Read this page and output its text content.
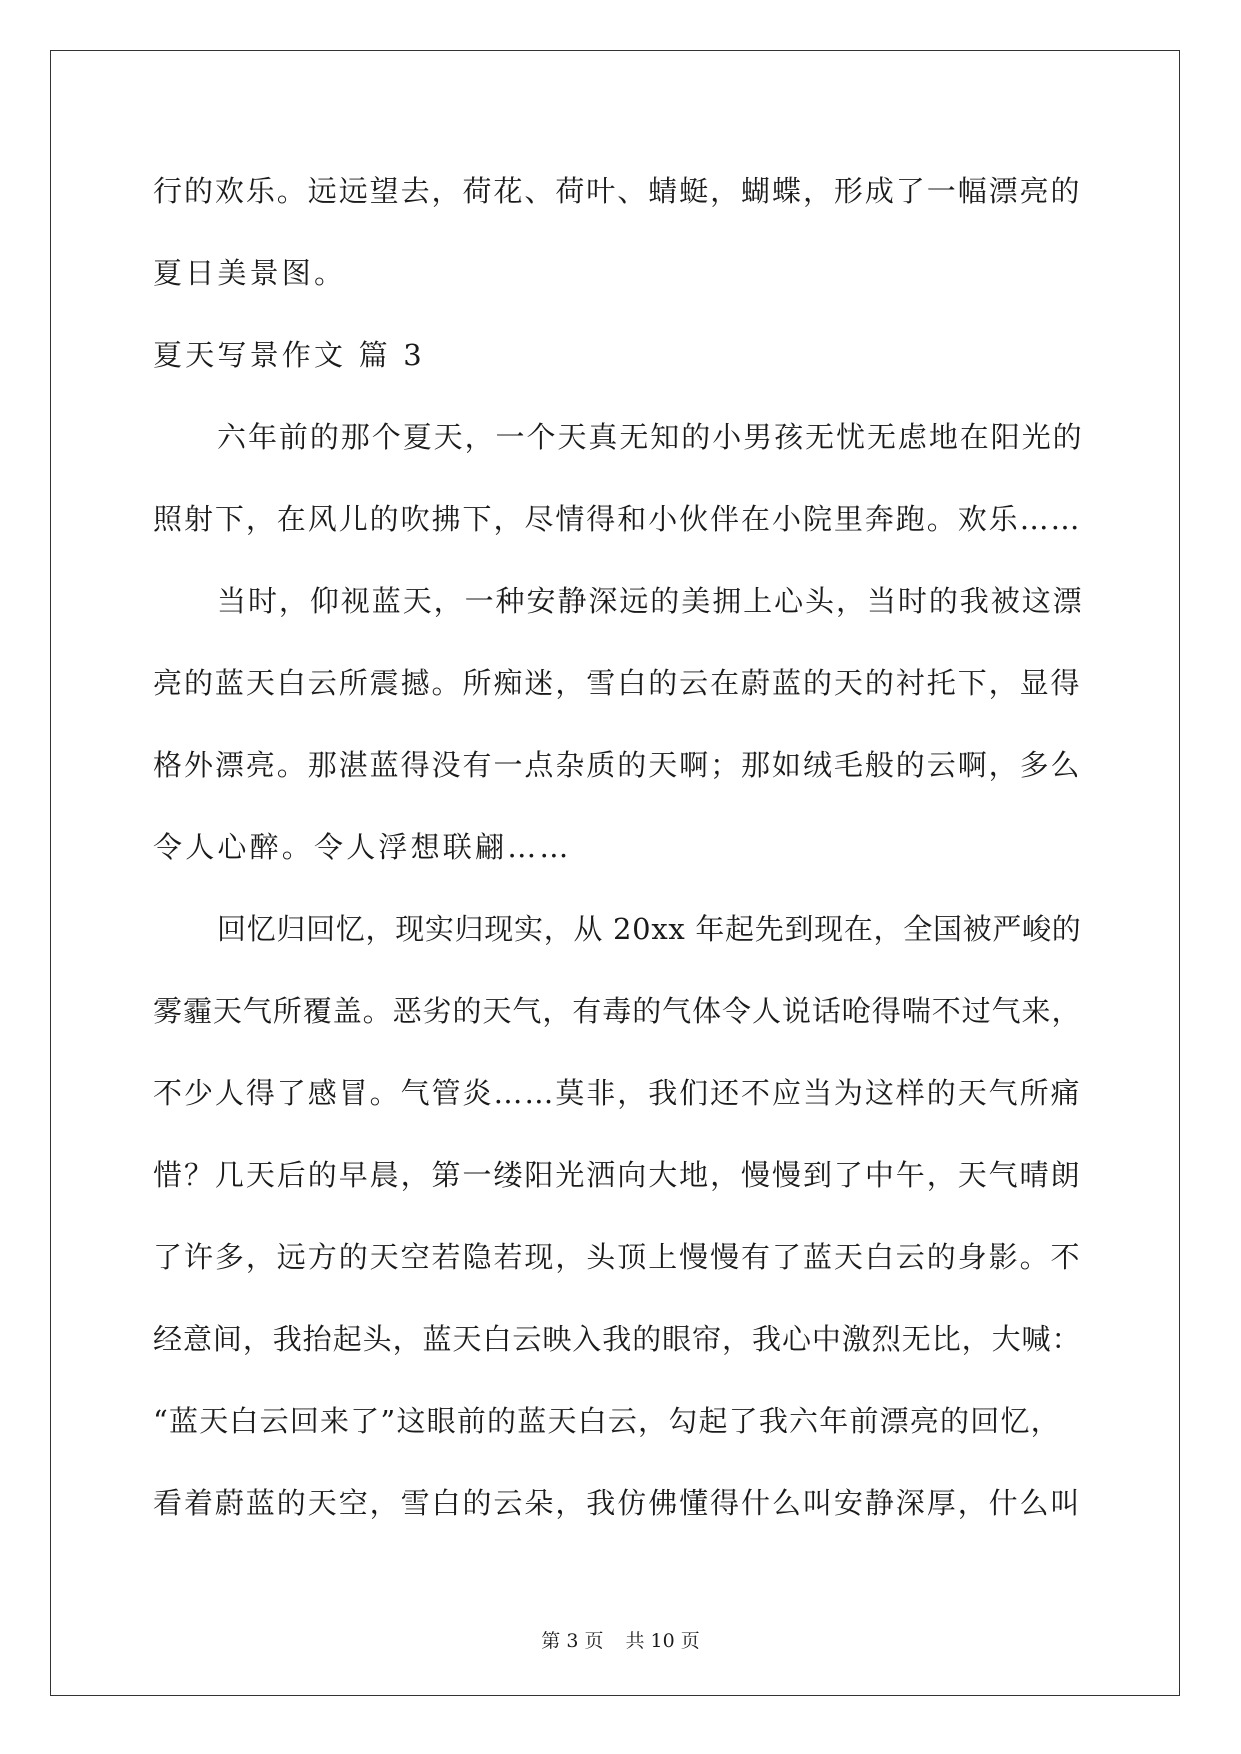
行的欢乐。远远望去，荷花、荷叶、蜻蜓，蝴蝶，形成了一幅漂亮的
夏日美景图。
夏天写景作文 篇 3
六年前的那个夏天，一个天真无知的小男孩无忧无虑地在阳光的
照射下，在风儿的吹拂下，尽情得和小伙伴在小院里奔跑。欢乐……
当时，仰视蓝天，一种安静深远的美拥上心头，当时的我被这漂
亮的蓝天白云所震撼。所痴迷，雪白的云在蔚蓝的天的衬托下，显得
格外漂亮。那湛蓝得没有一点杂质的天啊；那如绒毛般的云啊，多么
令人心醉。令人浮想联翩……
回忆归回忆，现实归现实，从 20xx 年起先到现在，全国被严峻的
雾霾天气所覆盖。恶劣的天气，有毒的气体令人说话呛得喘不过气来，
不少人得了感冒。气管炎……莫非，我们还不应当为这样的天气所痛
惜？几天后的早晨，第一缕阳光洒向大地，慢慢到了中午，天气晴朗
了许多，远方的天空若隐若现，头顶上慢慢有了蓝天白云的身影。不
经意间，我抬起头，蓝天白云映入我的眼帘，我心中激烈无比，大喊：
“蓝天白云回来了”这眼前的蓝天白云，勾起了我六年前漂亮的回忆，
看着蔚蓝的天空，雪白的云朵，我仿佛懂得什么叫安静深厚，什么叫
第 3 页 共 10 页
